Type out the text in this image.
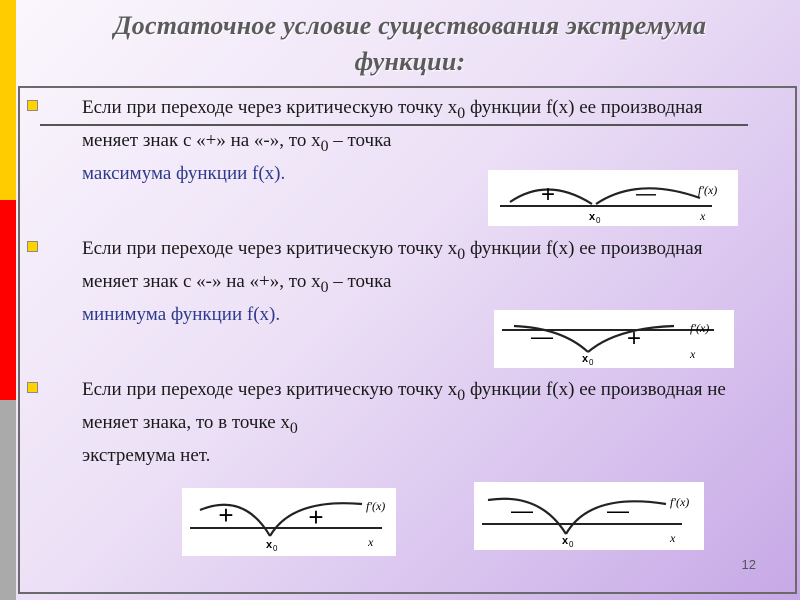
Достаточное условие существования экстремума
функции:
Если при переходе через критическую точку $х_0$ функции f(x) ее производная меняет знак с «+» на «-», то $х_0$ – точка
максимума функции f(x).
Если при переходе через критическую точку $х_0$ функции f(x) ее производная меняет знак с «-» на «+», то $х_0$ – точка
минимума функции f(x).
Если при переходе через критическую точку $х_0$ функции f(x) ее производная не меняет знака, то в точке $х_0$
экстремума нет.
+	—
x 0	x
f′(x)
—	+
x 0
x
f′(x)
+	+
x 0	x
f′(x)	—	—
x 0	x
f′(x)
12
